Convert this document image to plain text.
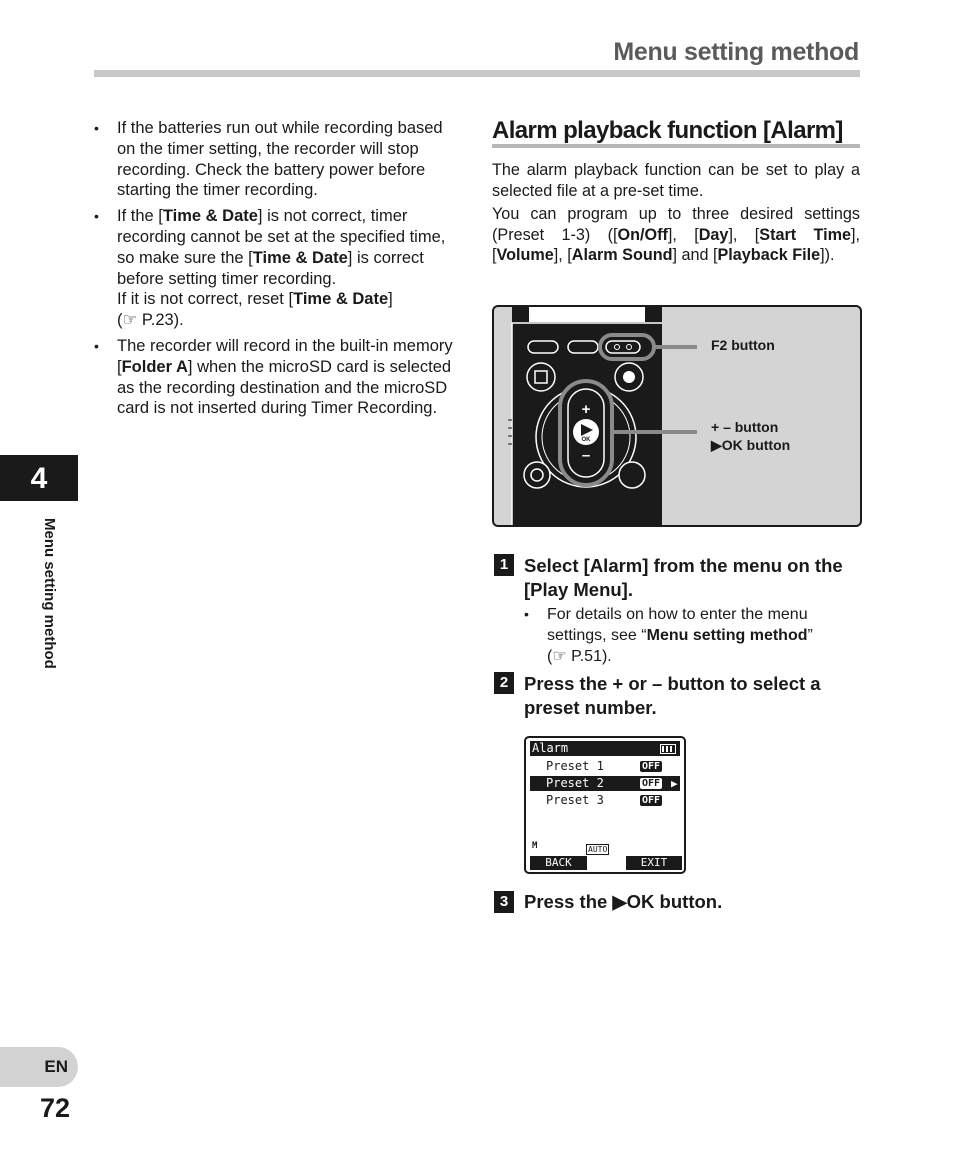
Menu setting method
• If the batteries run out while recording based on the timer setting, the recorder will stop recording. Check the battery power before starting the timer recording.
• If the [Time & Date] is not correct, timer recording cannot be set at the specified time, so make sure the [Time & Date] is correct before setting timer recording.
If it is not correct, reset [Time & Date]
(☞ P.23).
• The recorder will record in the built-in memory [Folder A] when the microSD card is selected as the recording destination and the microSD card is not inserted during Timer Recording.
4
Menu setting method
EN
72
Alarm playback function [Alarm]
The alarm playback function can be set to play a selected file at a pre-set time.
You can program up to three desired settings (Preset 1-3) ([On/Off], [Day], [Start Time], [Volume], [Alarm Sound] and [Playback File]).
+
–
OK
F2 button
+ – button
▶OK button
1 Select [Alarm] from the menu on the [Play Menu].
• For details on how to enter the menu settings, see “Menu setting method”
(☞ P.51).
2 Press the + or – button to select a preset number.
Alarm
Preset 1	OFF
Preset 2	OFF ▶
Preset 3	OFF
M	AUTO
BACK	EXIT
3 Press the ▶OK button.
